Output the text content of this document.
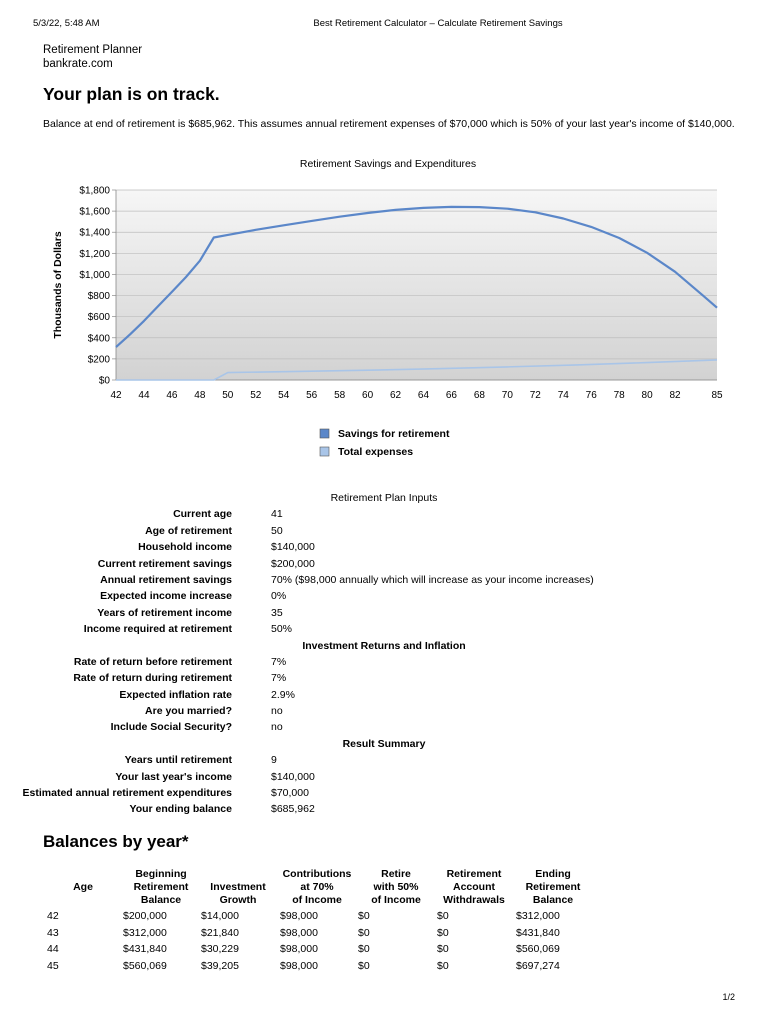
5/3/22, 5:48 AM	Best Retirement Calculator – Calculate Retirement Savings
Retirement Planner
bankrate.com
Your plan is on track.

Balance at end of retirement is $685,962. This assumes annual retirement expenses of $70,000 which is 50% of your last year's income of $140,000.

Retirement Savings and Expenditures
$0
$200
$400
$600
$800
$1,000
$1,200
$1,400
$1,600
$1,800
42 44 46 48 50 52 54 56 58 60 62 64 66 68 70 72 74 76 78 80 82	85
Thousands of Dollars
Savings for retirement
Total expenses
Retirement Plan Inputs
Current age	41
Age of retirement	50
Household income	$140,000
Current retirement savings	$200,000
Annual retirement savings	70% ($98,000 annually which will increase as your income increases)
Expected income increase	0%
Years of retirement income	35
Income required at retirement	50%
Investment Returns and Inflation
Rate of return before retirement	7%
Rate of return during retirement	7%
Expected inflation rate	2.9%
Are you married?	no
Include Social Security?	no
Result Summary
Years until retirement	9
Your last year's income	$140,000
Estimated annual retirement expenditures	$70,000
Your ending balance	$685,962
Balances by year*
Age
Beginning
Retirement
Balance
Investment
Growth
Contributions
at 70%
of Income
Retire
with 50%
of Income
Retirement
Account
Withdrawals
Ending
Retirement
Balance
42	$200,000	$14,000	$98,000	$0	$0	$312,000
43	$312,000	$21,840	$98,000	$0	$0	$431,840
44	$431,840	$30,229	$98,000	$0	$0	$560,069
45	$560,069	$39,205	$98,000	$0	$0	$697,274
1/2
